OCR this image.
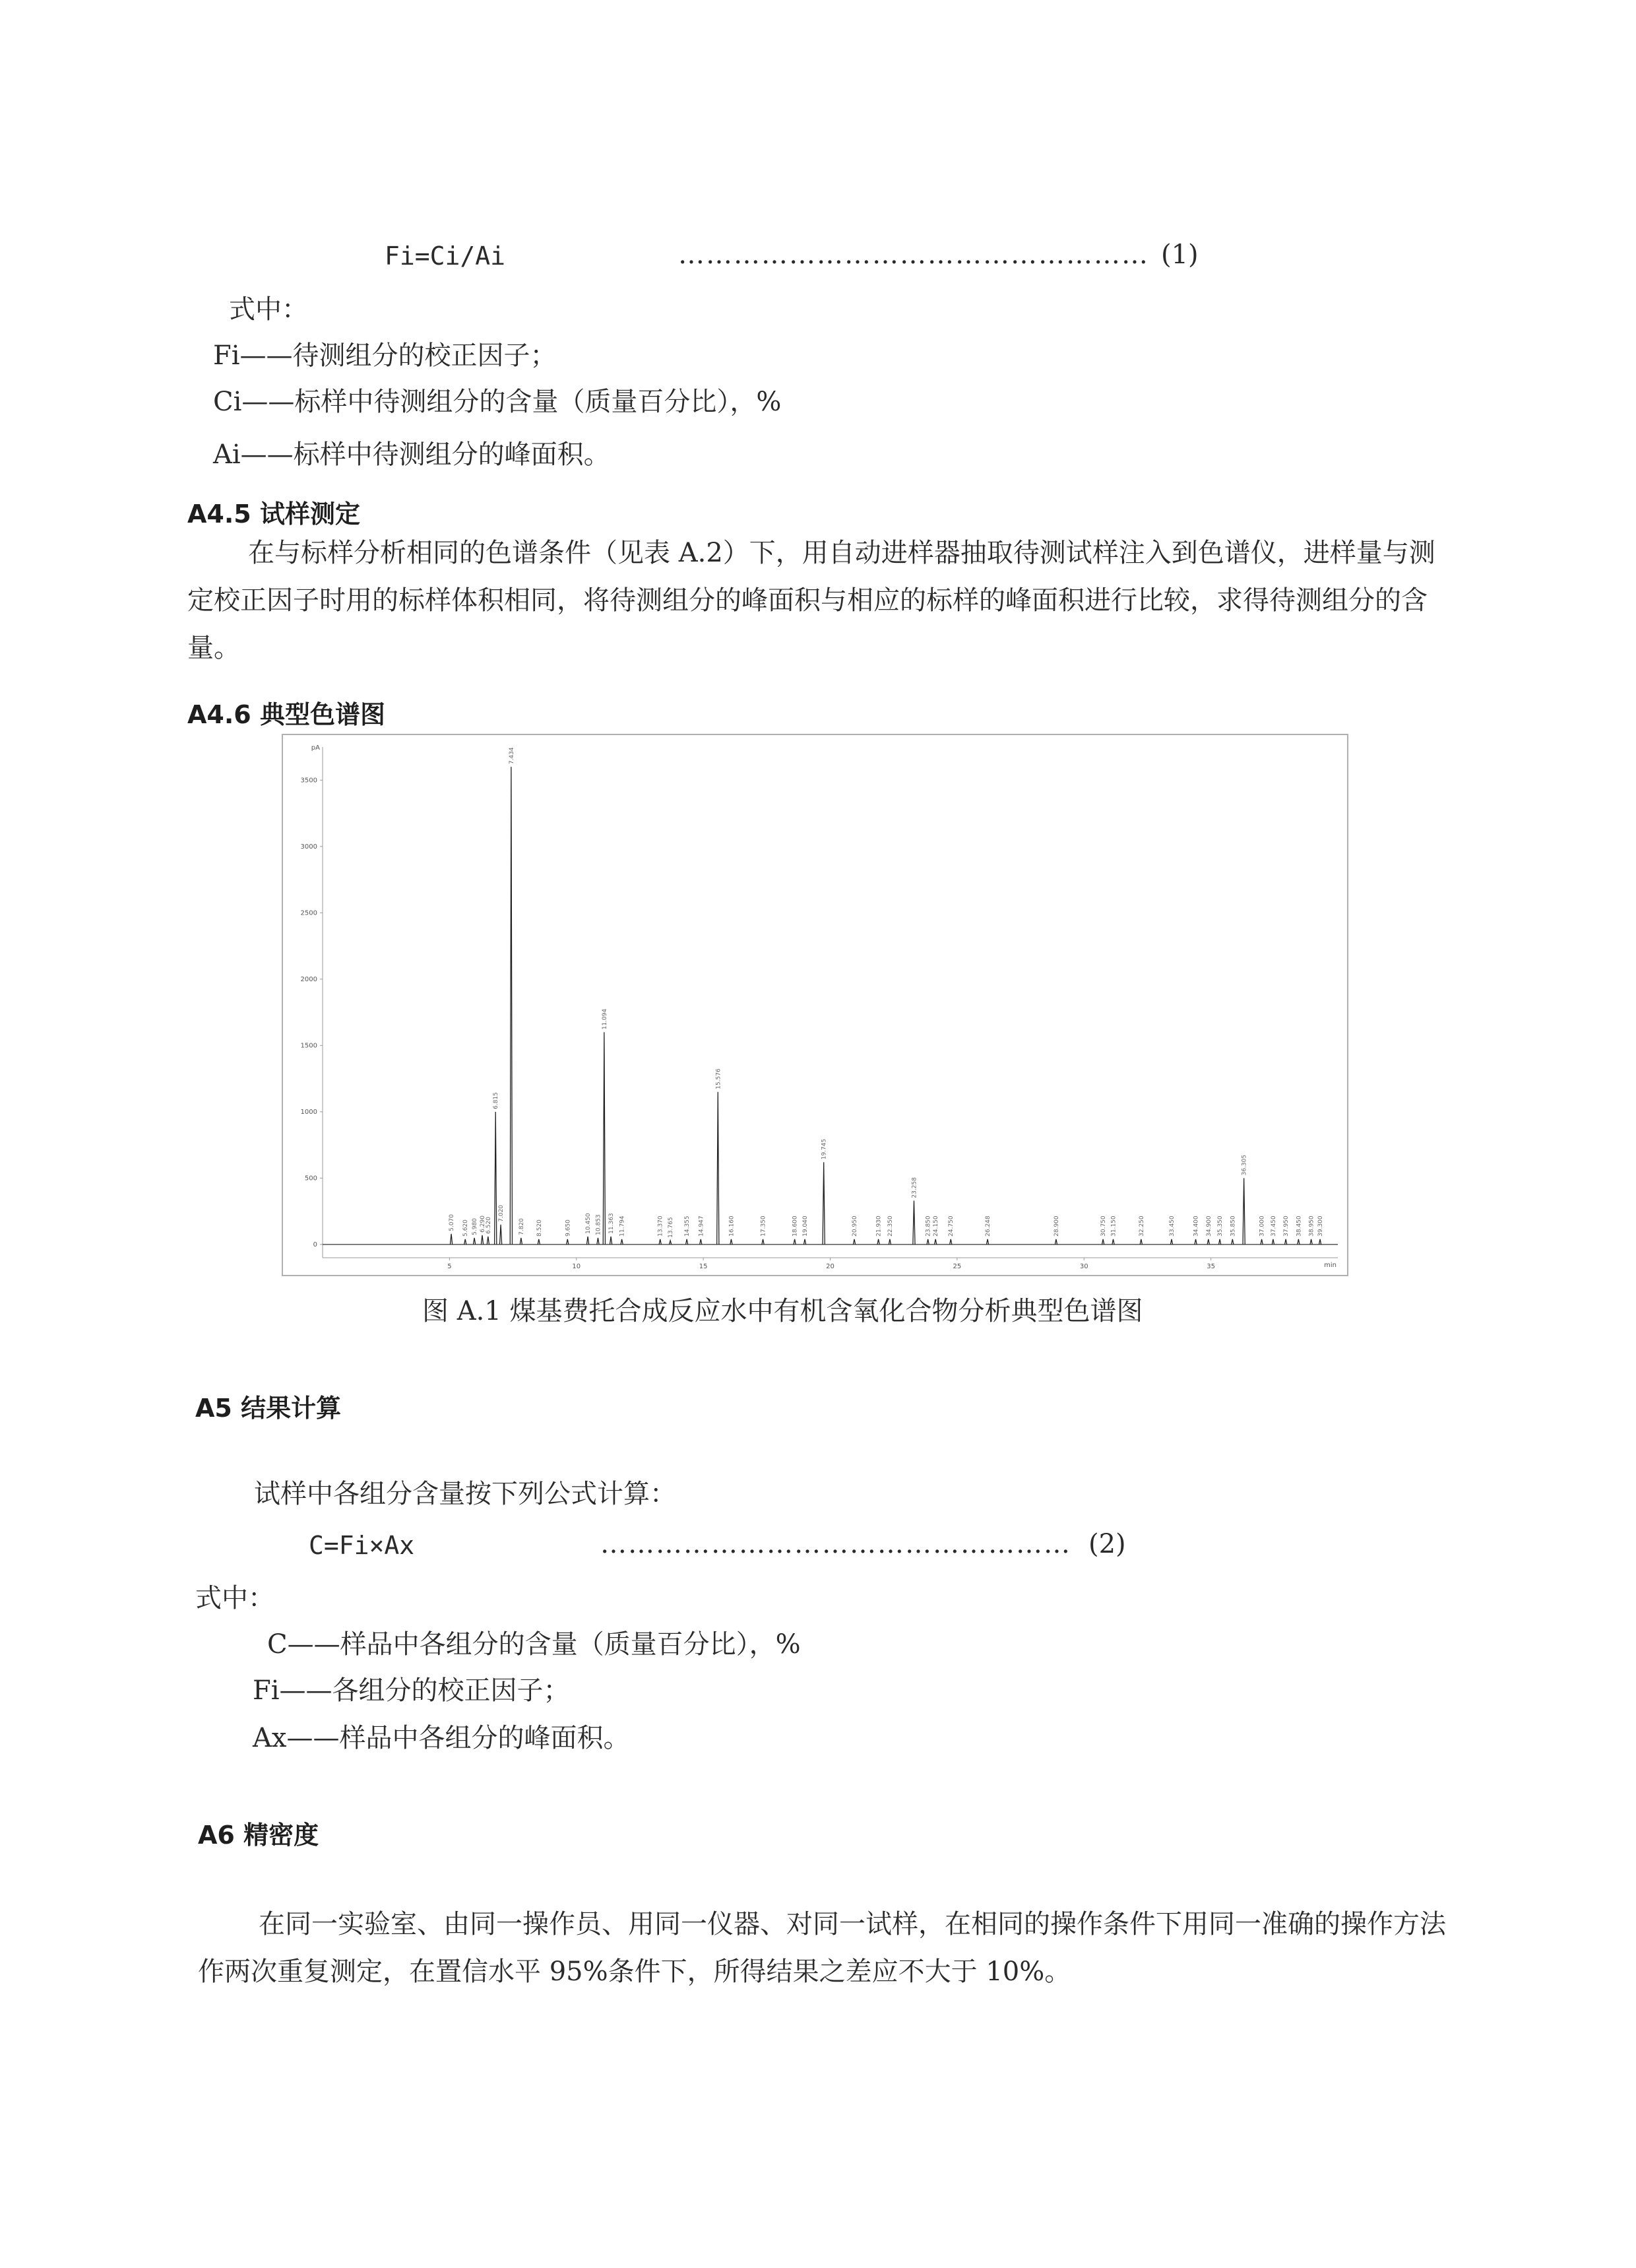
Fi=Ci/Ai	…………………………………………… (1)
式中：
Fi——待测组分的校正因子；
Ci——标样中待测组分的含量（质量百分比），%
Ai——标样中待测组分的峰面积。
A4.5 试样测定
在与标样分析相同的色谱条件（见表 A.2）下，用自动进样器抽取待测试样注入到色谱仪，进样量与测定校正因子时用的标样体积相同，将待测组分的峰面积与相应的标样的峰面积进行比较，求得待测组分的含量。
A4.6 典型色谱图
pA
min
0
500
1000
1500
2000
2500
3000
3500
5	10	15	20	25	30	35
5.070 5.620 5.980 6.290
6.520
6.815
7.020
7.434
7.820 8.520	9.650 10.450 10.853
11.094
11.363 11.794	13.370 13.765 14.355 14.947
15.576
16.160	17.350	18.600 19.040
19.745
20.950	21.930 22.350
23.258
23.850 24.150 24.750	26.248	28.900	30.750 31.150	32.250	33.450	34.400 34.900 35.350 35.850
36.305
37.000 37.450 37.950 38.450 38.950 39.300
图 A.1 煤基费托合成反应水中有机含氧化合物分析典型色谱图
A5 结果计算
试样中各组分含量按下列公式计算：
C=Fi×Ax	…………………………………………… (2)
式中：
C——样品中各组分的含量（质量百分比），%
Fi——各组分的校正因子；
Ax——样品中各组分的峰面积。
A6 精密度
在同一实验室、由同一操作员、用同一仪器、对同一试样，在相同的操作条件下用同一准确的操作方法作两次重复测定，在置信水平 95%条件下，所得结果之差应不大于 10%。
